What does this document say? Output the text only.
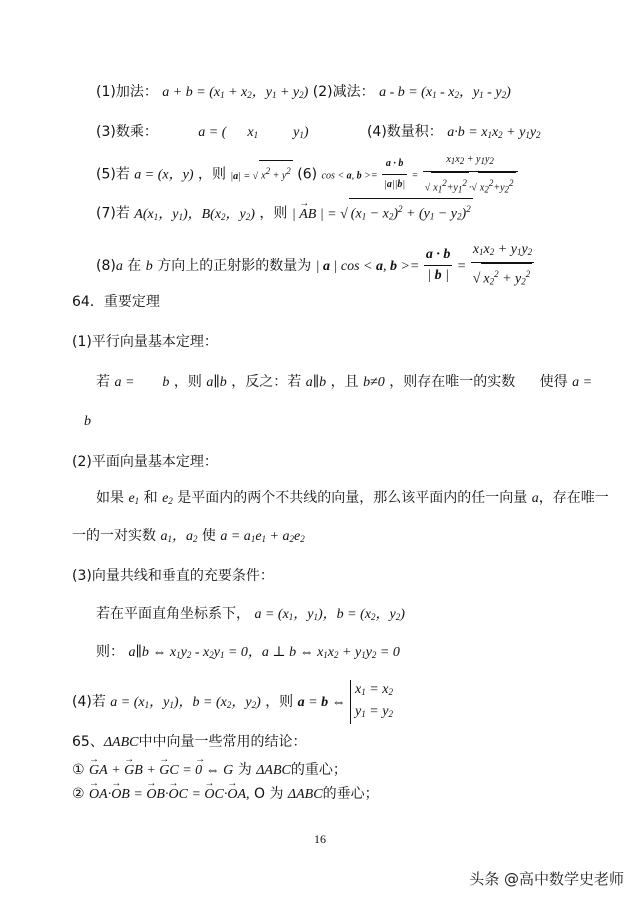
(1)加法： $a + b = (x_1 + x_2$，$y_1 + y_2$) (2)减法： $a - b = (x_1 - x_2$，$y_1 - y_2$)
(3)数乘：	a = (      $x_1$          $y_1$)	(4)数量积： $a\cdot b = x_1x_2 + y_1y_2$
(5)若 a = (x，y) ，则 |a| = √ $x^2 + y^2$ (6) cos < a, $b >= \frac{a \cdot b}{|a||b|} = \frac{x_1x_2 + y_1y_2}{√ x_1^2+y_1^2 \cdot√ x_2^2+y_2^2}$
(7)若 $A(x_1$，$y_1$)，$B(x_2$，$y_2$) ，则 | → AB | = √ $(x_1 - x_2)^2 + (y_1 - y_2)^2$
(8)a 在 b 方向上的正射影的数量为 | a | cos < a, $b >= \frac{a \cdot b}{| b |} = \frac{x_1x_2 + y_1y_2}{√ x_2^2 + y_2^2}$
64．重要定理
(1)平行向量基本定理：
若 a =        b ，则 a∥b ，反之：若 a∥b ，且 b≠0 ，则存在唯一的实数 使得 a =
b
(2)平面向量基本定理：
如果 $e_1$ 和 $e_2$ 是平面内的两个不共线的向量，那么该平面内的任一向量 a，存在唯一
一的一对实数 $a_1$，$a_2$ 使 $a = a_1e_1 + a_2e_2$
(3)向量共线和垂直的充要条件：
若在平面直角坐标系下， $a = (x_1$，$y_1$)，$b = (x_2$，$y_2$)
则： a∥b ⇔ $x_1y_2 - x_2y_1 = 0$，a ⊥ b ⇔ $x_1x_2 + y_1y_2 = 0$
(4)若 $a = (x_1$，$y_1$)，$b = (x_2$，$y_2$) ，则 a = b ⇔ $x_1 = x_2$
$y_1 = y_2$
65、ΔABC中中向量一些常用的结论：
① → GA + → GB + → GC = → 0 ⇔ G 为 ΔABC的重心；
② → OA·→ OB = → OB·→ OC = → OC·→ OA, O 为 ΔABC的垂心；
16
头条 @高中数学史老师
